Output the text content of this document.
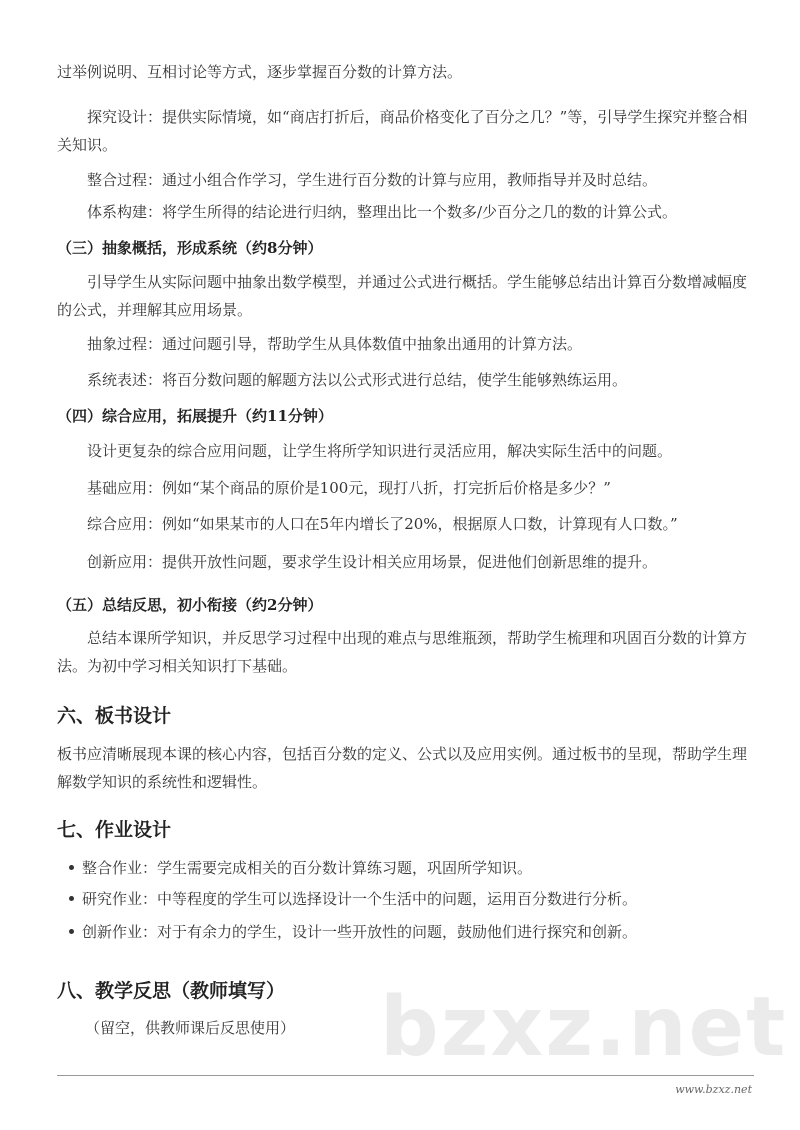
bzxz.net

过举例说明、互相讨论等方式，逐步掌握百分数的计算方法。

探究设计：提供实际情境，如“商店打折后，商品价格变化了百分之几？”等，引导学生探究并整合相关知识。

整合过程：通过小组合作学习，学生进行百分数的计算与应用，教师指导并及时总结。

体系构建：将学生所得的结论进行归纳，整理出比一个数多/少百分之几的数的计算公式。

（三）抽象概括，形成系统（约8分钟）

引导学生从实际问题中抽象出数学模型，并通过公式进行概括。学生能够总结出计算百分数增减幅度的公式，并理解其应用场景。

抽象过程：通过问题引导，帮助学生从具体数值中抽象出通用的计算方法。

系统表述：将百分数问题的解题方法以公式形式进行总结，使学生能够熟练运用。

（四）综合应用，拓展提升（约11分钟）

设计更复杂的综合应用问题，让学生将所学知识进行灵活应用，解决实际生活中的问题。

基础应用：例如“某个商品的原价是100元，现打八折，打完折后价格是多少？”

综合应用：例如“如果某市的人口在5年内增长了20%，根据原人口数，计算现有人口数。”

创新应用：提供开放性问题，要求学生设计相关应用场景，促进他们创新思维的提升。

（五）总结反思，初小衔接（约2分钟）

总结本课所学知识，并反思学习过程中出现的难点与思维瓶颈，帮助学生梳理和巩固百分数的计算方法。为初中学习相关知识打下基础。

六、板书设计

板书应清晰展现本课的核心内容，包括百分数的定义、公式以及应用实例。通过板书的呈现，帮助学生理解数学知识的系统性和逻辑性。

七、作业设计
整合作业：学生需要完成相关的百分数计算练习题，巩固所学知识。
研究作业：中等程度的学生可以选择设计一个生活中的问题，运用百分数进行分析。
创新作业：对于有余力的学生，设计一些开放性的问题，鼓励他们进行探究和创新。
八、教学反思（教师填写）

（留空，供教师课后反思使用）

www.bzxz.net
